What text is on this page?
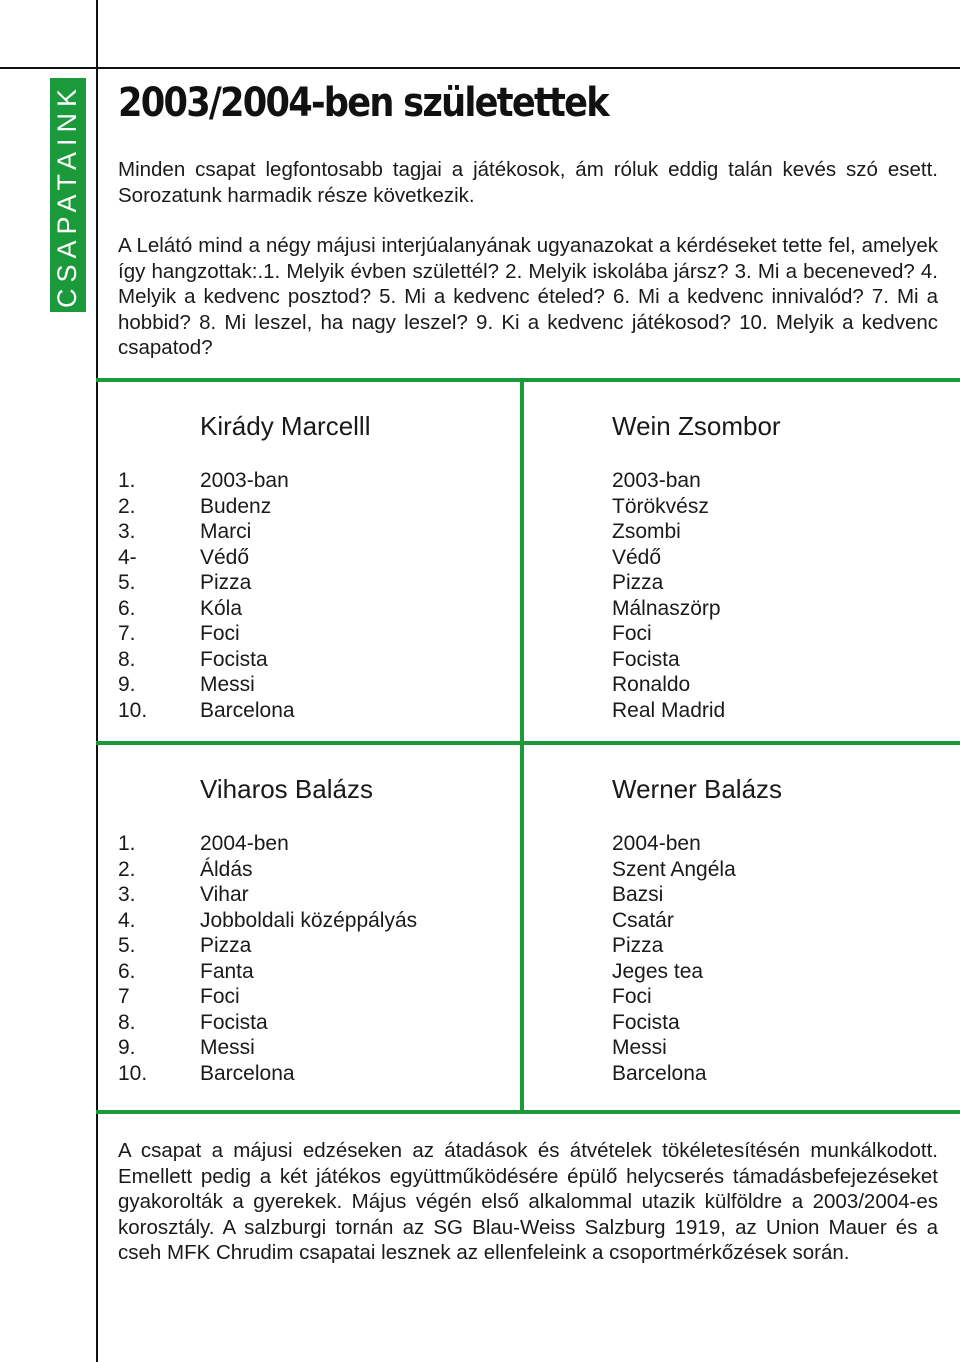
CSAPATAINK 2003/2004-ben születettek

Minden csapat legfontosabb tagjai a játékosok, ám róluk eddig talán kevés szó esett. Sorozatunk harmadik része következik.

A Lelátó mind a négy májusi interjúalanyának ugyanazokat a kérdéseket tette fel, amelyek így hangzottak:.1. Melyik évben születtél? 2. Melyik iskolába jársz? 3. Mi a beceneved? 4. Melyik a kedvenc posztod? 5. Mi a kedvenc ételed? 6. Mi a kedvenc innivalód? 7. Mi a hobbid? 8. Mi leszel, ha nagy leszel? 9. Ki a kedvenc játékosod? 10. Melyik a kedvenc csapatod?

Kirády Marcelll
1.	2003-ban
2.	Budenz
3.	Marci
4-	Védő
5.	Pizza
6.	Kóla
7.	Foci
8.	Focista
9.	Messi
10.	Barcelona
Wein Zsombor
2003-ban
Törökvész
Zsombi
Védő
Pizza
Málnaszörp
Foci
Focista
Ronaldo
Real Madrid
Viharos Balázs
1.	2004-ben
2.	Áldás
3.	Vihar
4.	Jobboldali középpályás
5.	Pizza
6.	Fanta
7	Foci
8.	Focista
9.	Messi
10.	Barcelona
Werner Balázs
2004-ben
Szent Angéla
Bazsi
Csatár
Pizza
Jeges tea
Foci
Focista
Messi
Barcelona

A csapat a májusi edzéseken az átadások és átvételek tökéletesítésén munkálkodott. Emellett pedig a két játékos együttműködésére épülő helycserés támadásbefejezéseket gyakorolták a gyerekek. Május végén első alkalommal utazik külföldre a 2003/2004-es korosztály. A salzburgi tornán az SG Blau-Weiss Salzburg 1919, az Union Mauer és a cseh MFK Chrudim csapatai lesznek az ellenfeleink a csoportmérkőzések során.
